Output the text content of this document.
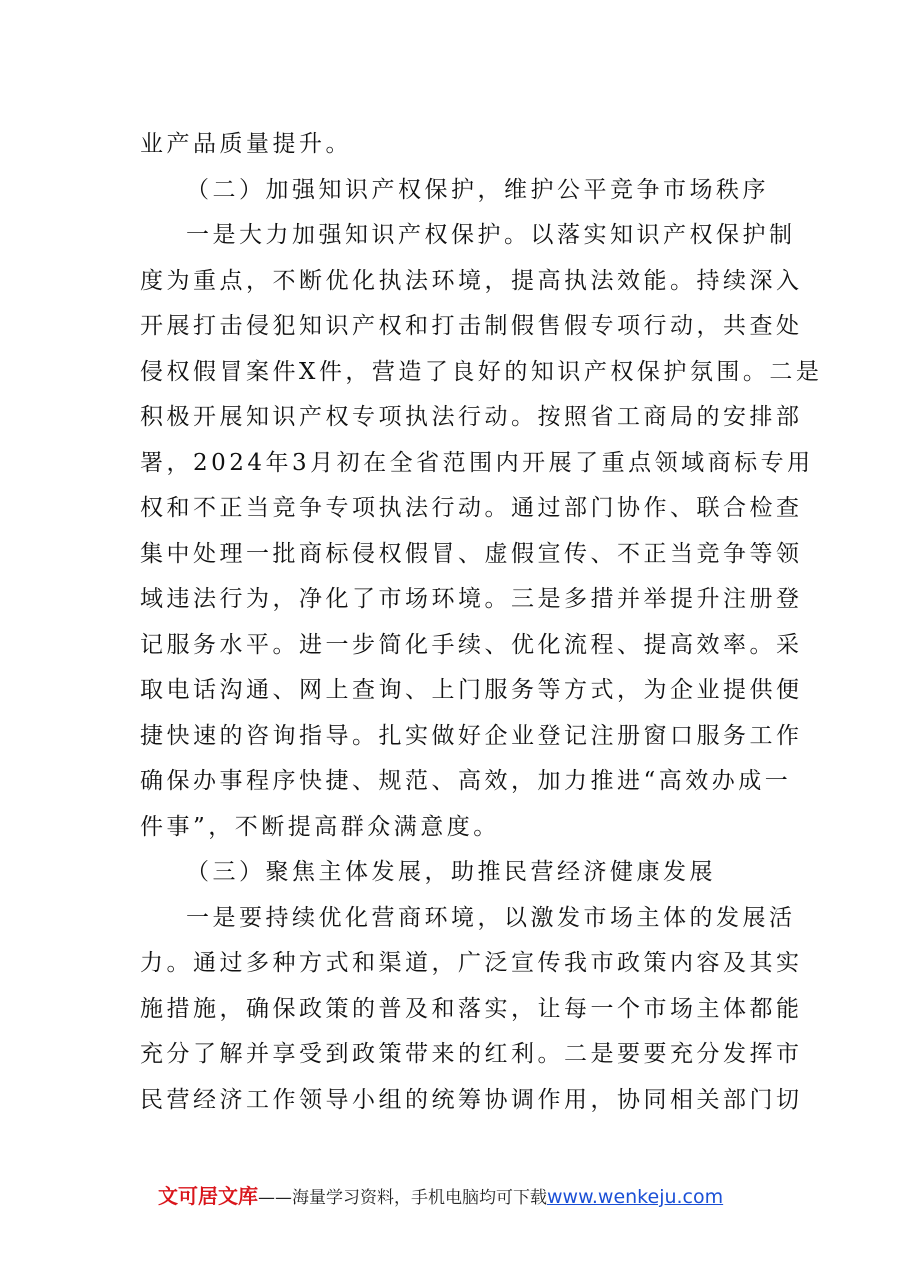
业产品质量提升。
（二）加强知识产权保护，维护公平竞争市场秩序
一是大力加强知识产权保护。以落实知识产权保护制
度为重点，不断优化执法环境，提高执法效能。持续深入
开展打击侵犯知识产权和打击制假售假专项行动，共查处
侵权假冒案件X件，营造了良好的知识产权保护氛围。二是
积极开展知识产权专项执法行动。按照省工商局的安排部
署，2024年3月初在全省范围内开展了重点领域商标专用
权和不正当竞争专项执法行动。通过部门协作、联合检查
集中处理一批商标侵权假冒、虚假宣传、不正当竞争等领
域违法行为，净化了市场环境。三是多措并举提升注册登
记服务水平。进一步简化手续、优化流程、提高效率。采
取电话沟通、网上查询、上门服务等方式，为企业提供便
捷快速的咨询指导。扎实做好企业登记注册窗口服务工作
确保办事程序快捷、规范、高效，加力推进“高效办成一
件事”，不断提高群众满意度。
（三）聚焦主体发展，助推民营经济健康发展
一是要持续优化营商环境，以激发市场主体的发展活
力。通过多种方式和渠道，广泛宣传我市政策内容及其实
施措施，确保政策的普及和落实，让每一个市场主体都能
充分了解并享受到政策带来的红利。二是要要充分发挥市
民营经济工作领导小组的统筹协调作用，协同相关部门切
文可居文库——海量学习资料，手机电脑均可下载www.wenkeju.com
